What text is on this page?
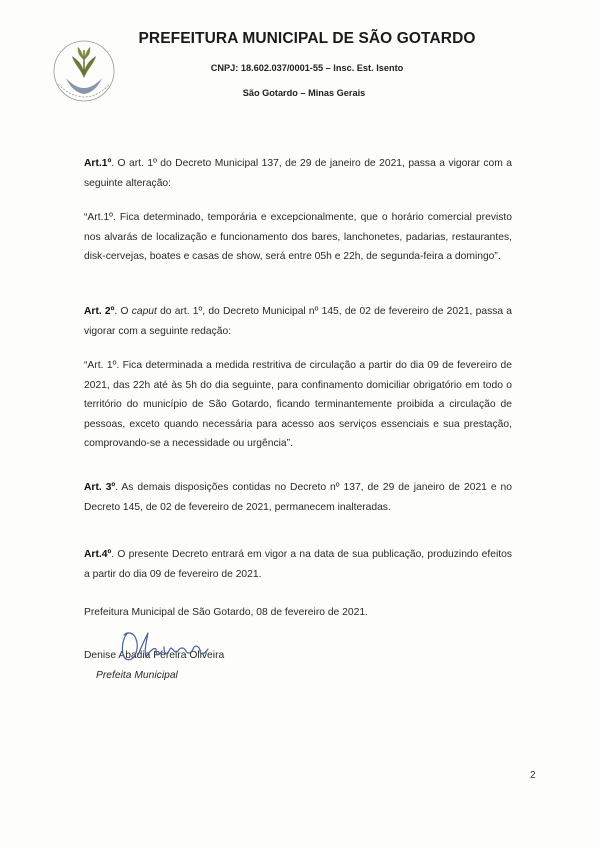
PREFEITURA MUNICIPAL DE SÃO GOTARDO
CNPJ: 18.602.037/0001-55 – Insc. Est. Isento
São Gotardo – Minas Gerais
Art.1º. O art. 1º do Decreto Municipal 137, de 29 de janeiro de 2021, passa a vigorar com a seguinte alteração:
“Art.1º. Fica determinado, temporária e excepcionalmente, que o horário comercial previsto nos alvarás de localização e funcionamento dos bares, lanchonetes, padarias, restaurantes, disk-cervejas, boates e casas de show, será entre 05h e 22h, de segunda-feira a domingo”.
Art. 2º. O caput do art. 1º, do Decreto Municipal nº 145, de 02 de fevereiro de 2021, passa a vigorar com a seguinte redação:
“Art. 1º. Fica determinada a medida restritiva de circulação a partir do dia 09 de fevereiro de 2021, das 22h até às 5h do dia seguinte, para confinamento domiciliar obrigatório em todo o território do município de São Gotardo, ficando terminantemente proibida a circulação de pessoas, exceto quando necessária para acesso aos serviços essenciais e sua prestação, comprovando-se a necessidade ou urgência”.
Art. 3º. As demais disposições contidas no Decreto nº 137, de 29 de janeiro de 2021 e no Decreto 145, de 02 de fevereiro de 2021, permanecem inalteradas.
Art.4º. O presente Decreto entrará em vigor a na data de sua publicação, produzindo efeitos a partir do dia 09 de fevereiro de 2021.
Prefeitura Municipal de São Gotardo, 08 de fevereiro de 2021.
Denise Abadia Pereira Oliveira
Prefeita Municipal
2
